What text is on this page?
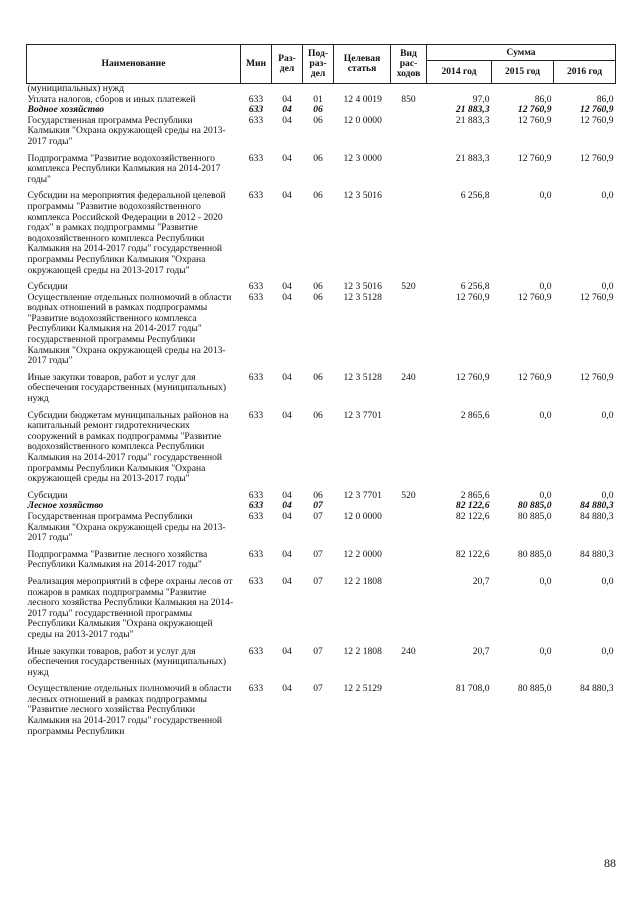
Наименование	Мин	Раз-дел	Под-раз-дел	Целевая статья	Вид рас-ходов	Сумма		
						2014 год	2015 год	2016 год
(муниципальных) нужд								
Уплата налогов, сборов и иных платежей	633	04	01	12 4 0019	850	97,0	86,0	86,0
Водное хозяйство	633	04	06			21 883,3	12 760,9	12 760,9
Государственная программа Республики Калмыкия "Охрана окружающей среды на 2013-2017 годы"	633	04	06	12 0 0000		21 883,3	12 760,9	12 760,9
Подпрограмма "Развитие водохозяйственного комплекса Республики Калмыкия на 2014-2017 годы"	633	04	06	12 3 0000		21 883,3	12 760,9	12 760,9
Субсидии на мероприятия федеральной целевой программы "Развитие водохозяйственного комплекса Российской Федерации в 2012 - 2020 годах" в рамках подпрограммы "Развитие водохозяйственного комплекса Республики Калмыкия на 2014-2017 годы" государственной программы Республики Калмыкия "Охрана окружающей среды на 2013-2017 годы"	633	04	06	12 3 5016		6 256,8	0,0	0,0
Субсидии	633	04	06	12 3 5016	520	6 256,8	0,0	0,0
Осуществление отдельных полномочий в области водных отношений в рамках подпрограммы "Развитие водохозяйственного комплекса Республики Калмыкия на 2014-2017 годы" государственной программы Республики Калмыкия "Охрана окружающей среды на 2013-2017 годы"	633	04	06	12 3 5128		12 760,9	12 760,9	12 760,9
Иные закупки товаров, работ и услуг для обеспечения государственных (муниципальных) нужд	633	04	06	12 3 5128	240	12 760,9	12 760,9	12 760,9
Субсидии бюджетам муниципальных районов на капитальный ремонт гидротехнических сооружений в рамках подпрограммы "Развитие водохозяйственного комплекса Республики Калмыкия на 2014-2017 годы" государственной программы Республики Калмыкия "Охрана окружающей среды на 2013-2017 годы"	633	04	06	12 3 7701		2 865,6	0,0	0,0
Субсидии	633	04	06	12 3 7701	520	2 865,6	0,0	0,0
Лесное хозяйство	633	04	07			82 122,6	80 885,0	84 880,3
Государственная программа Республики Калмыкия "Охрана окружающей среды на 2013-2017 годы"	633	04	07	12 0 0000		82 122,6	80 885,0	84 880,3
Подпрограмма "Развитие лесного хозяйства Республики Калмыкия на 2014-2017 годы"	633	04	07	12 2 0000		82 122,6	80 885,0	84 880,3
Реализация мероприятий в сфере охраны лесов от пожаров в рамках подпрограммы "Развитие лесного хозяйства Республики Калмыкия на 2014-2017 годы" государственной программы Республики Калмыкия "Охрана окружающей среды на 2013-2017 годы"	633	04	07	12 2 1808		20,7	0,0	0,0
Иные закупки товаров, работ и услуг для обеспечения государственных (муниципальных) нужд	633	04	07	12 2 1808	240	20,7	0,0	0,0
Осуществление отдельных полномочий в области лесных отношений в рамках подпрограммы "Развитие лесного хозяйства Республики Калмыкия на 2014-2017 годы" государственной программы Республики	633	04	07	12 2 5129		81 708,0	80 885,0	84 880,3
88
